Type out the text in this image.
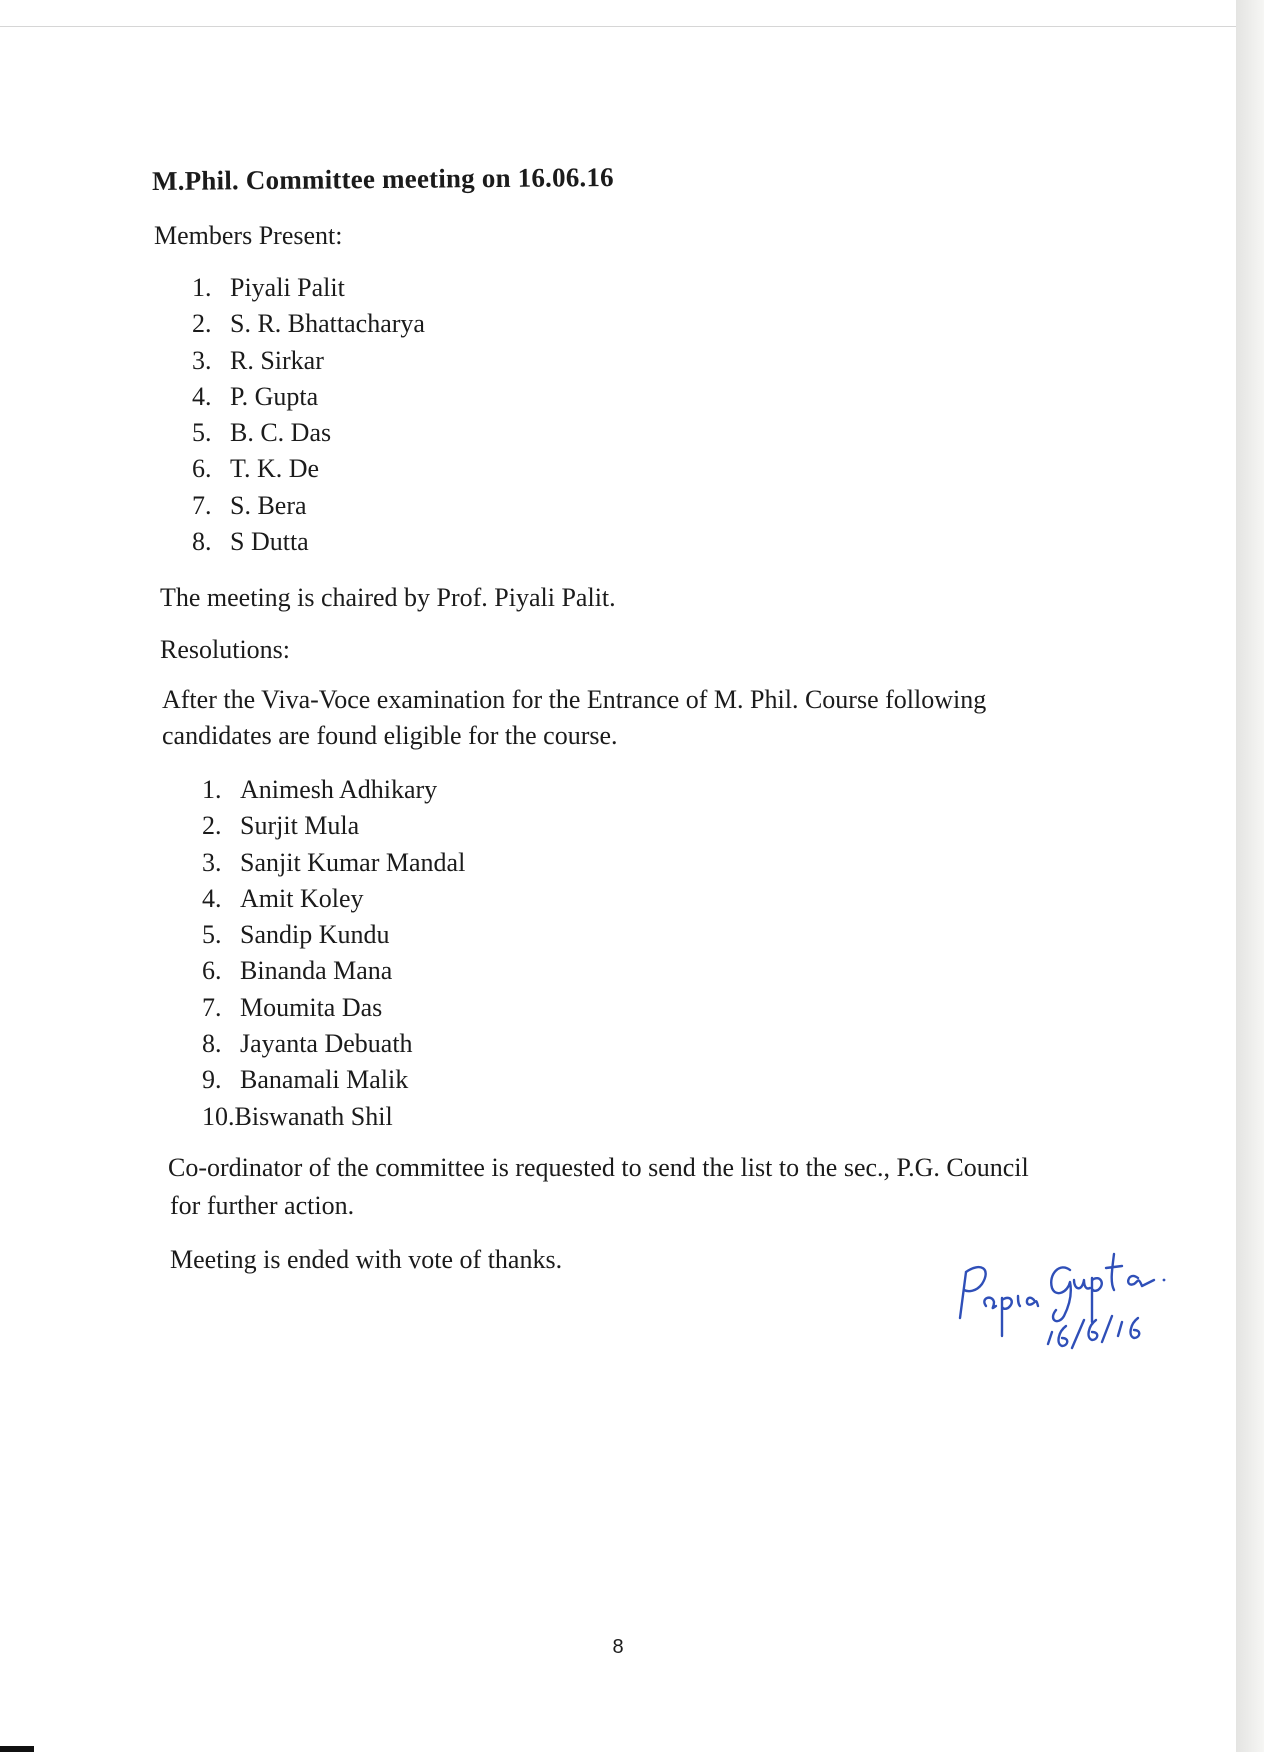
M.Phil. Committee meeting on 16.06.16

Members Present:

1. Piyali Palit
2. S. R. Bhattacharya
3. R. Sirkar
4. P. Gupta
5. B. C. Das
6. T. K. De
7. S. Bera
8. S Dutta

The meeting is chaired by Prof. Piyali Palit.

Resolutions:

After the Viva-Voce examination for the Entrance of M. Phil. Course following

candidates are found eligible for the course.

1. Animesh Adhikary
2. Surjit Mula
3. Sanjit Kumar Mandal
4. Amit Koley
5. Sandip Kundu
6. Binanda Mana
7. Moumita Das
8. Jayanta Debuath
9. Banamali Malik
10.Biswanath Shil

Co-ordinator of the committee is requested to send the list to the sec., P.G. Council

for further action.

Meeting is ended with vote of thanks.

8
